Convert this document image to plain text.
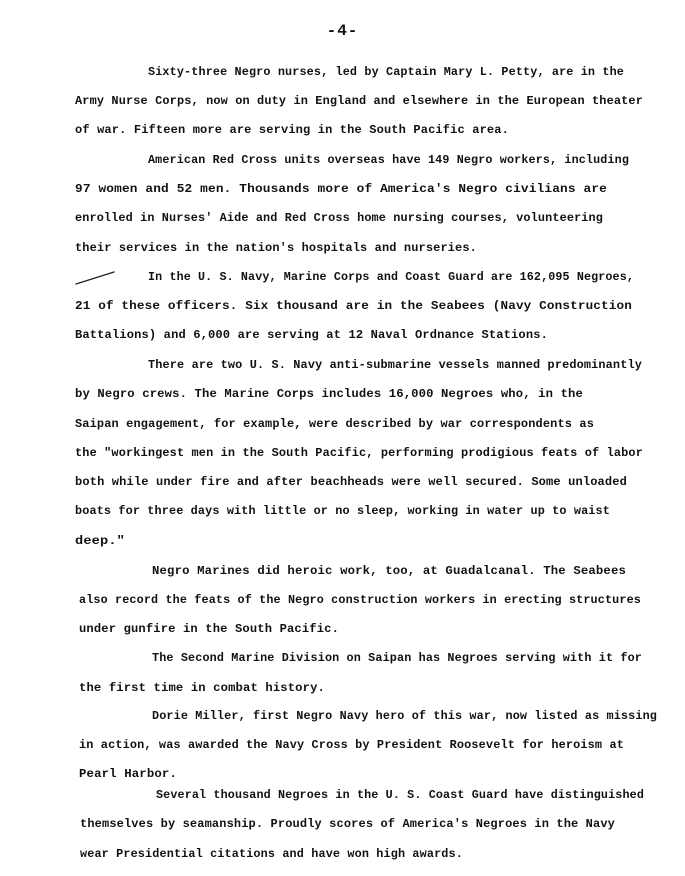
-4-
Sixty-three Negro nurses, led by Captain Mary L. Petty, are in the
Army Nurse Corps, now on duty in England and elsewhere in the European theater
of war. Fifteen more are serving in the South Pacific area.
American Red Cross units overseas have 149 Negro workers, including
97 women and 52 men. Thousands more of America's Negro civilians are
enrolled in Nurses' Aide and Red Cross home nursing courses, volunteering
their services in the nation's hospitals and nurseries.
In the U. S. Navy, Marine Corps and Coast Guard are 162,095 Negroes,
21 of these officers. Six thousand are in the Seabees (Navy Construction
Battalions) and 6,000 are serving at 12 Naval Ordnance Stations.
There are two U. S. Navy anti-submarine vessels manned predominantly
by Negro crews. The Marine Corps includes 16,000 Negroes who, in the
Saipan engagement, for example, were described by war correspondents as
the "workingest men in the South Pacific, performing prodigious feats of labor
both while under fire and after beachheads were well secured. Some unloaded
boats for three days with little or no sleep, working in water up to waist
deep."
Negro Marines did heroic work, too, at Guadalcanal. The Seabees
also record the feats of the Negro construction workers in erecting structures
under gunfire in the South Pacific.
The Second Marine Division on Saipan has Negroes serving with it for
the first time in combat history.
Dorie Miller, first Negro Navy hero of this war, now listed as missing
in action, was awarded the Navy Cross by President Roosevelt for heroism at
Pearl Harbor.
Several thousand Negroes in the U. S. Coast Guard have distinguished
themselves by seamanship. Proudly scores of America's Negroes in the Navy
wear Presidential citations and have won high awards.
